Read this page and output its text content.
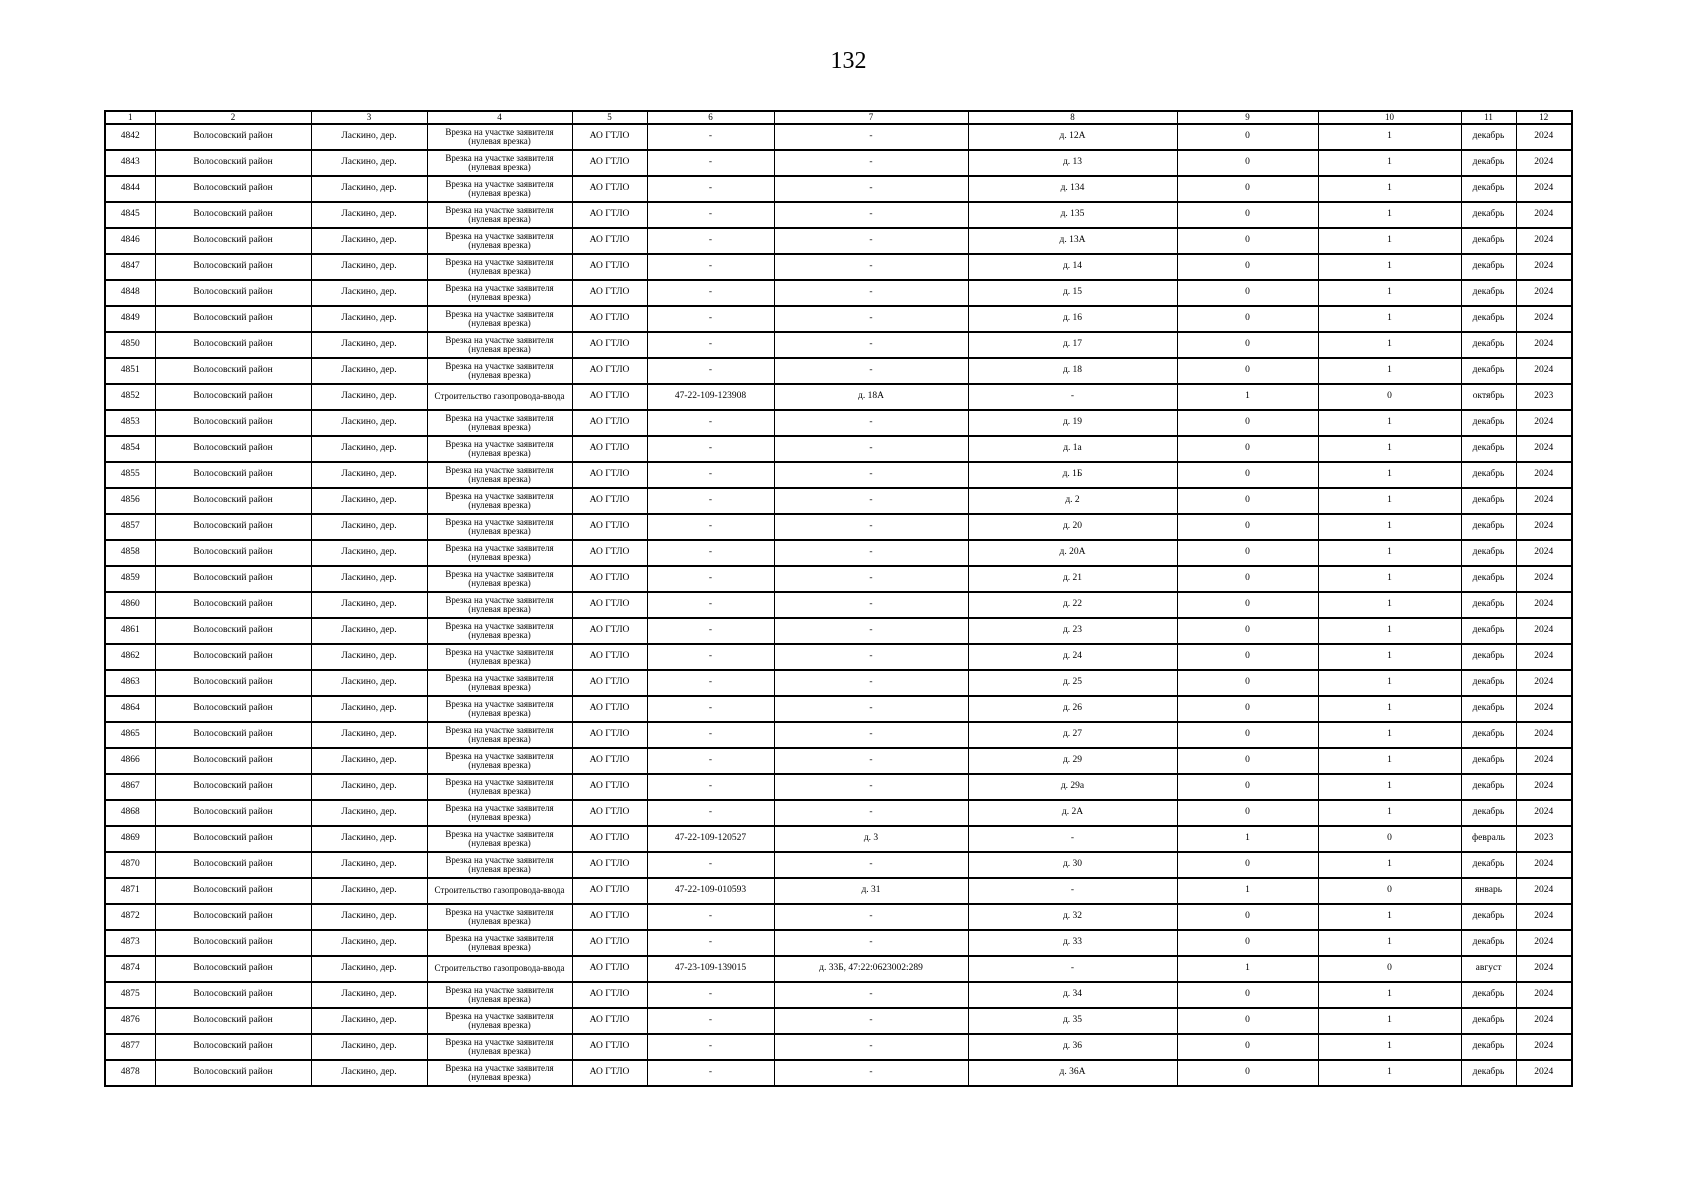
132
1	2	3	4	5	6	7	8	9	10	11	12
4842	Волосовский район	Ласкино, дер.	Врезка на участке заявителя (нулевая врезка)	АО ГТЛО	-	-	д. 12А	0	1	декабрь	2024
4843	Волосовский район	Ласкино, дер.	Врезка на участке заявителя (нулевая врезка)	АО ГТЛО	-	-	д. 13	0	1	декабрь	2024
4844	Волосовский район	Ласкино, дер.	Врезка на участке заявителя (нулевая врезка)	АО ГТЛО	-	-	д. 134	0	1	декабрь	2024
4845	Волосовский район	Ласкино, дер.	Врезка на участке заявителя (нулевая врезка)	АО ГТЛО	-	-	д. 135	0	1	декабрь	2024
4846	Волосовский район	Ласкино, дер.	Врезка на участке заявителя (нулевая врезка)	АО ГТЛО	-	-	д. 13А	0	1	декабрь	2024
4847	Волосовский район	Ласкино, дер.	Врезка на участке заявителя (нулевая врезка)	АО ГТЛО	-	-	д. 14	0	1	декабрь	2024
4848	Волосовский район	Ласкино, дер.	Врезка на участке заявителя (нулевая врезка)	АО ГТЛО	-	-	д. 15	0	1	декабрь	2024
4849	Волосовский район	Ласкино, дер.	Врезка на участке заявителя (нулевая врезка)	АО ГТЛО	-	-	д. 16	0	1	декабрь	2024
4850	Волосовский район	Ласкино, дер.	Врезка на участке заявителя (нулевая врезка)	АО ГТЛО	-	-	д. 17	0	1	декабрь	2024
4851	Волосовский район	Ласкино, дер.	Врезка на участке заявителя (нулевая врезка)	АО ГТЛО	-	-	д. 18	0	1	декабрь	2024
4852	Волосовский район	Ласкино, дер.	Строительство газопровода-ввода	АО ГТЛО	47-22-109-123908	д. 18А	-	1	0	октябрь	2023
4853	Волосовский район	Ласкино, дер.	Врезка на участке заявителя (нулевая врезка)	АО ГТЛО	-	-	д. 19	0	1	декабрь	2024
4854	Волосовский район	Ласкино, дер.	Врезка на участке заявителя (нулевая врезка)	АО ГТЛО	-	-	д. 1а	0	1	декабрь	2024
4855	Волосовский район	Ласкино, дер.	Врезка на участке заявителя (нулевая врезка)	АО ГТЛО	-	-	д. 1Б	0	1	декабрь	2024
4856	Волосовский район	Ласкино, дер.	Врезка на участке заявителя (нулевая врезка)	АО ГТЛО	-	-	д. 2	0	1	декабрь	2024
4857	Волосовский район	Ласкино, дер.	Врезка на участке заявителя (нулевая врезка)	АО ГТЛО	-	-	д. 20	0	1	декабрь	2024
4858	Волосовский район	Ласкино, дер.	Врезка на участке заявителя (нулевая врезка)	АО ГТЛО	-	-	д. 20А	0	1	декабрь	2024
4859	Волосовский район	Ласкино, дер.	Врезка на участке заявителя (нулевая врезка)	АО ГТЛО	-	-	д. 21	0	1	декабрь	2024
4860	Волосовский район	Ласкино, дер.	Врезка на участке заявителя (нулевая врезка)	АО ГТЛО	-	-	д. 22	0	1	декабрь	2024
4861	Волосовский район	Ласкино, дер.	Врезка на участке заявителя (нулевая врезка)	АО ГТЛО	-	-	д. 23	0	1	декабрь	2024
4862	Волосовский район	Ласкино, дер.	Врезка на участке заявителя (нулевая врезка)	АО ГТЛО	-	-	д. 24	0	1	декабрь	2024
4863	Волосовский район	Ласкино, дер.	Врезка на участке заявителя (нулевая врезка)	АО ГТЛО	-	-	д. 25	0	1	декабрь	2024
4864	Волосовский район	Ласкино, дер.	Врезка на участке заявителя (нулевая врезка)	АО ГТЛО	-	-	д. 26	0	1	декабрь	2024
4865	Волосовский район	Ласкино, дер.	Врезка на участке заявителя (нулевая врезка)	АО ГТЛО	-	-	д. 27	0	1	декабрь	2024
4866	Волосовский район	Ласкино, дер.	Врезка на участке заявителя (нулевая врезка)	АО ГТЛО	-	-	д. 29	0	1	декабрь	2024
4867	Волосовский район	Ласкино, дер.	Врезка на участке заявителя (нулевая врезка)	АО ГТЛО	-	-	д. 29а	0	1	декабрь	2024
4868	Волосовский район	Ласкино, дер.	Врезка на участке заявителя (нулевая врезка)	АО ГТЛО	-	-	д. 2А	0	1	декабрь	2024
4869	Волосовский район	Ласкино, дер.	Врезка на участке заявителя (нулевая врезка)	АО ГТЛО	47-22-109-120527	д. 3	-	1	0	февраль	2023
4870	Волосовский район	Ласкино, дер.	Врезка на участке заявителя (нулевая врезка)	АО ГТЛО	-	-	д. 30	0	1	декабрь	2024
4871	Волосовский район	Ласкино, дер.	Строительство газопровода-ввода	АО ГТЛО	47-22-109-010593	д. 31	-	1	0	январь	2024
4872	Волосовский район	Ласкино, дер.	Врезка на участке заявителя (нулевая врезка)	АО ГТЛО	-	-	д. 32	0	1	декабрь	2024
4873	Волосовский район	Ласкино, дер.	Врезка на участке заявителя (нулевая врезка)	АО ГТЛО	-	-	д. 33	0	1	декабрь	2024
4874	Волосовский район	Ласкино, дер.	Строительство газопровода-ввода	АО ГТЛО	47-23-109-139015	д. 33Б, 47:22:0623002:289	-	1	0	август	2024
4875	Волосовский район	Ласкино, дер.	Врезка на участке заявителя (нулевая врезка)	АО ГТЛО	-	-	д. 34	0	1	декабрь	2024
4876	Волосовский район	Ласкино, дер.	Врезка на участке заявителя (нулевая врезка)	АО ГТЛО	-	-	д. 35	0	1	декабрь	2024
4877	Волосовский район	Ласкино, дер.	Врезка на участке заявителя (нулевая врезка)	АО ГТЛО	-	-	д. 36	0	1	декабрь	2024
4878	Волосовский район	Ласкино, дер.	Врезка на участке заявителя (нулевая врезка)	АО ГТЛО	-	-	д. 36А	0	1	декабрь	2024
